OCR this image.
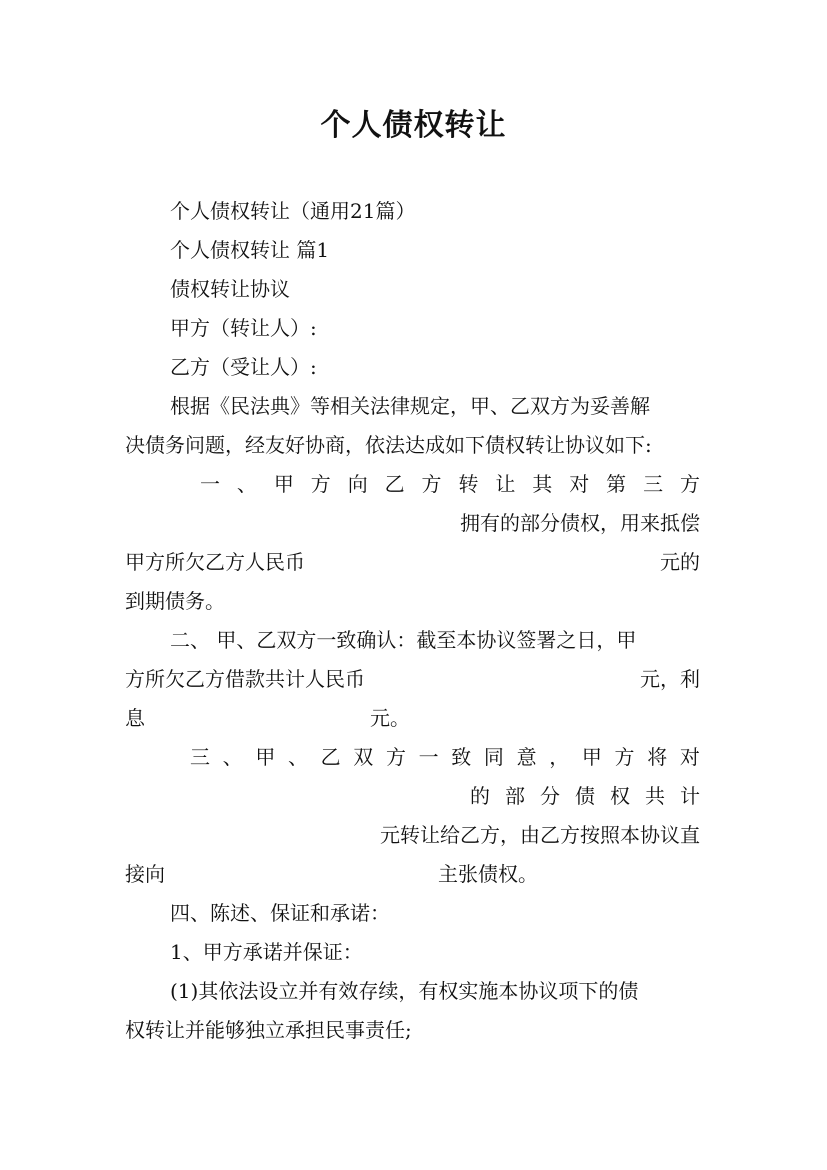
个人债权转让
个人债权转让（通用21篇）
个人债权转让 篇1
债权转让协议
甲方（转让人）:
乙方（受让人）:
根据《民法典》等相关法律规定，甲、乙双方为妥善解
决债务问题，经友好协商，依法达成如下债权转让协议如下:
一 、 甲 方 向 乙 方 转 让 其 对 第 三 方
拥有的部分债权，用来抵偿
甲方所欠乙方人民币	元的
到期债务。
二、 甲、乙双方一致确认：截至本协议签署之日，甲
方所欠乙方借款共计人民币	元，利
息	元。
三 、 甲 、 乙 双 方 一 致 同 意 ， 甲 方 将 对
的 部 分 债 权 共 计
元转让给乙方，由乙方按照本协议直
接向	主张债权。
四、陈述、保证和承诺：
1、甲方承诺并保证：
(1)其依法设立并有效存续，有权实施本协议项下的债
权转让并能够独立承担民事责任;
